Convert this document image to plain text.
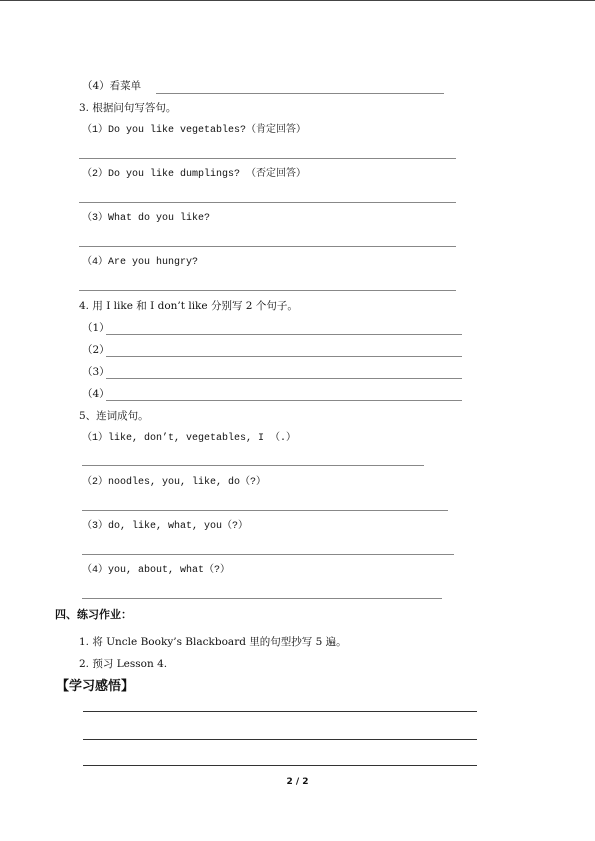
（4）看菜单
3. 根据问句写答句。
（1）Do you like vegetables?（肯定回答）
（2）Do you like dumplings? （否定回答）
（3）What do you like?
（4）Are you hungry?
4. 用 I like 和 I don’t like 分别写 2 个句子。
（1）
（2）
（3）
（4）
5、连词成句。
（1）like, don’t, vegetables, I （.）
（2）noodles, you, like, do（?）
（3）do, like, what, you（?）
（4）you, about, what（?）
四、练习作业：
1. 将 Uncle Booky’s Blackboard 里的句型抄写 5 遍。
2. 预习 Lesson 4.
【学习感悟】
2 / 2
